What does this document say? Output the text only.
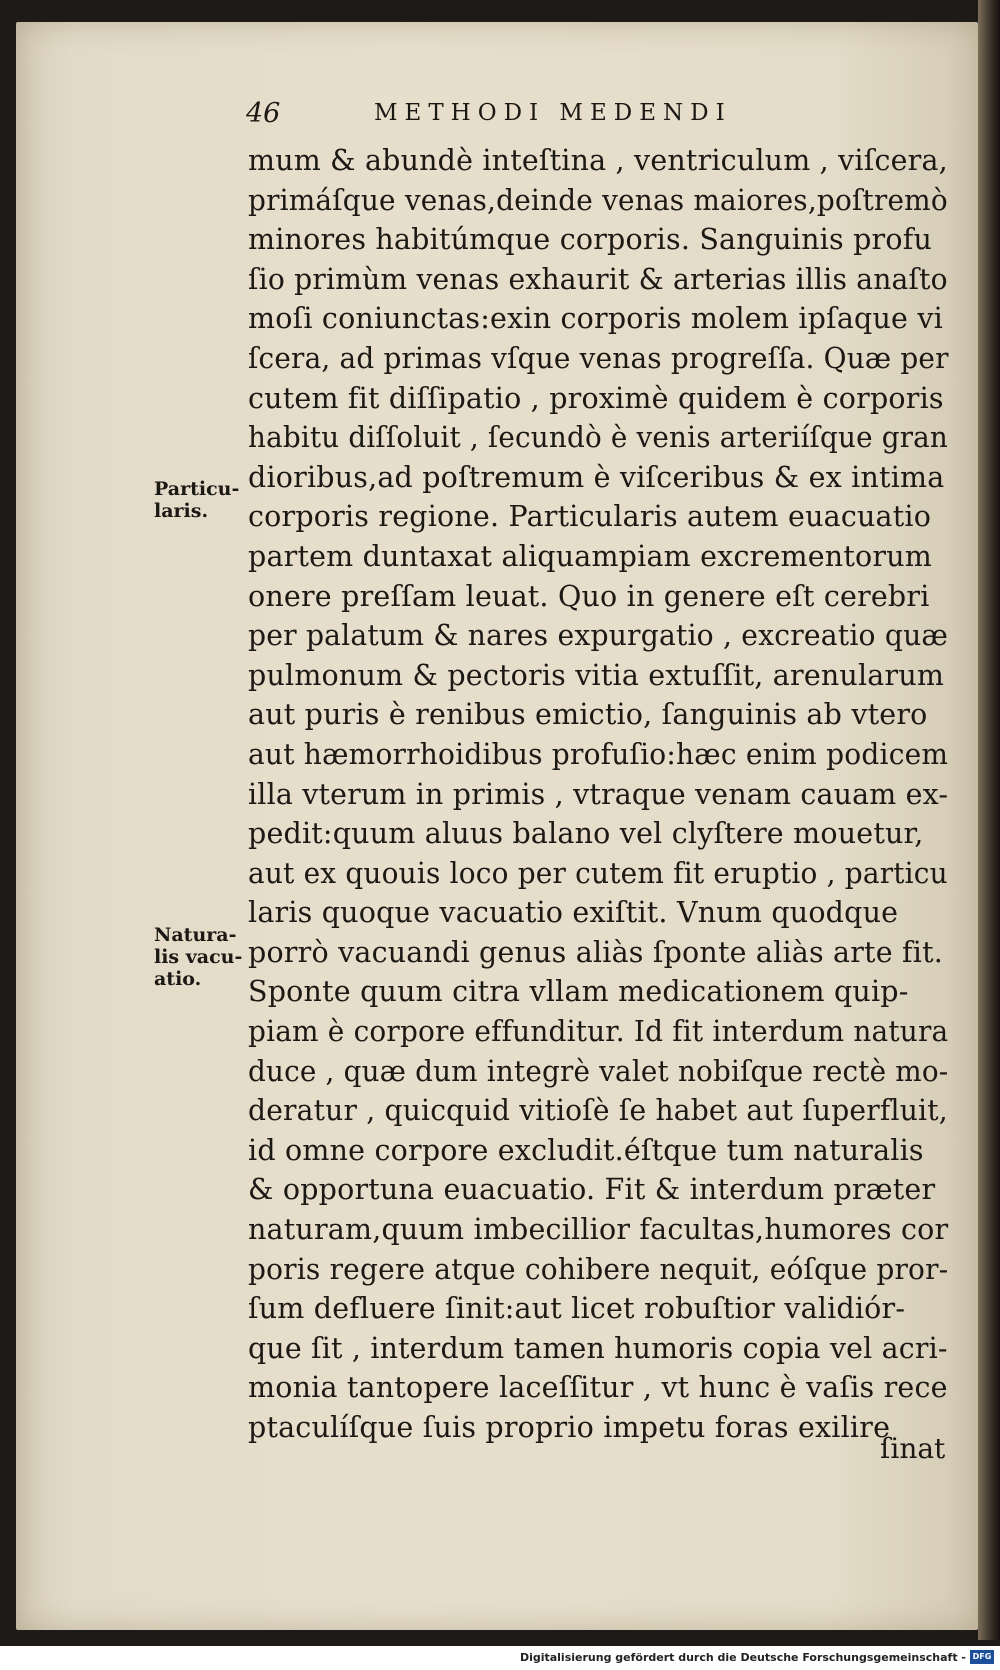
46	METHODI MEDENDI
mum & abundè inteſtina , ventriculum , viſcera,
primáſque venas,deinde venas maiores,poſtremò
minores habitúmque corporis. Sanguinis profu
ſio primùm venas exhaurit & arterias illis anaſto
moſi coniunctas:exin corporis molem ipſaque vi
ſcera, ad primas vſque venas progreſſa. Quæ per
cutem fit diſſipatio , proximè quidem è corporis
habitu diſſoluit , ſecundò è venis arteriíſque gran
dioribus,ad poſtremum è viſceribus & ex intima
corporis regione. Particularis autem euacuatio
partem duntaxat aliquampiam excrementorum
onere preſſam leuat. Quo in genere eſt cerebri
per palatum & nares expurgatio , excreatio quæ
pulmonum & pectoris vitia extuſſit, arenularum
aut puris è renibus emictio, ſanguinis ab vtero
aut hæmorrhoidibus profuſio:hæc enim podicem
illa vterum in primis , vtraque venam cauam ex-
pedit:quum aluus balano vel clyſtere mouetur,
aut ex quouis loco per cutem fit eruptio , particu
laris quoque vacuatio exiſtit. Vnum quodque
porrò vacuandi genus aliàs ſponte aliàs arte fit.
Sponte quum citra vllam medicationem quip-
piam è corpore effunditur. Id fit interdum natura
duce , quæ dum integrè valet nobiſque rectè mo-
deratur , quicquid vitioſè ſe habet aut ſuperfluit,
id omne corpore excludit.éſtque tum naturalis
& opportuna euacuatio. Fit & interdum præter
naturam,quum imbecillior facultas,humores cor
poris regere atque cohibere nequit, eóſque pror-
ſum defluere ſinit:aut licet robuſtior validiór-
que ſit , interdum tamen humoris copia vel acri-
monia tantopere laceſſitur , vt hunc è vaſis rece
ptaculíſque ſuis proprio impetu foras exilire
Particu-
laris.
Natura-
lis vacu-
atio.
ſinat
Digitalisierung gefördert durch die Deutsche Forschungsgemeinschaft - DFG
